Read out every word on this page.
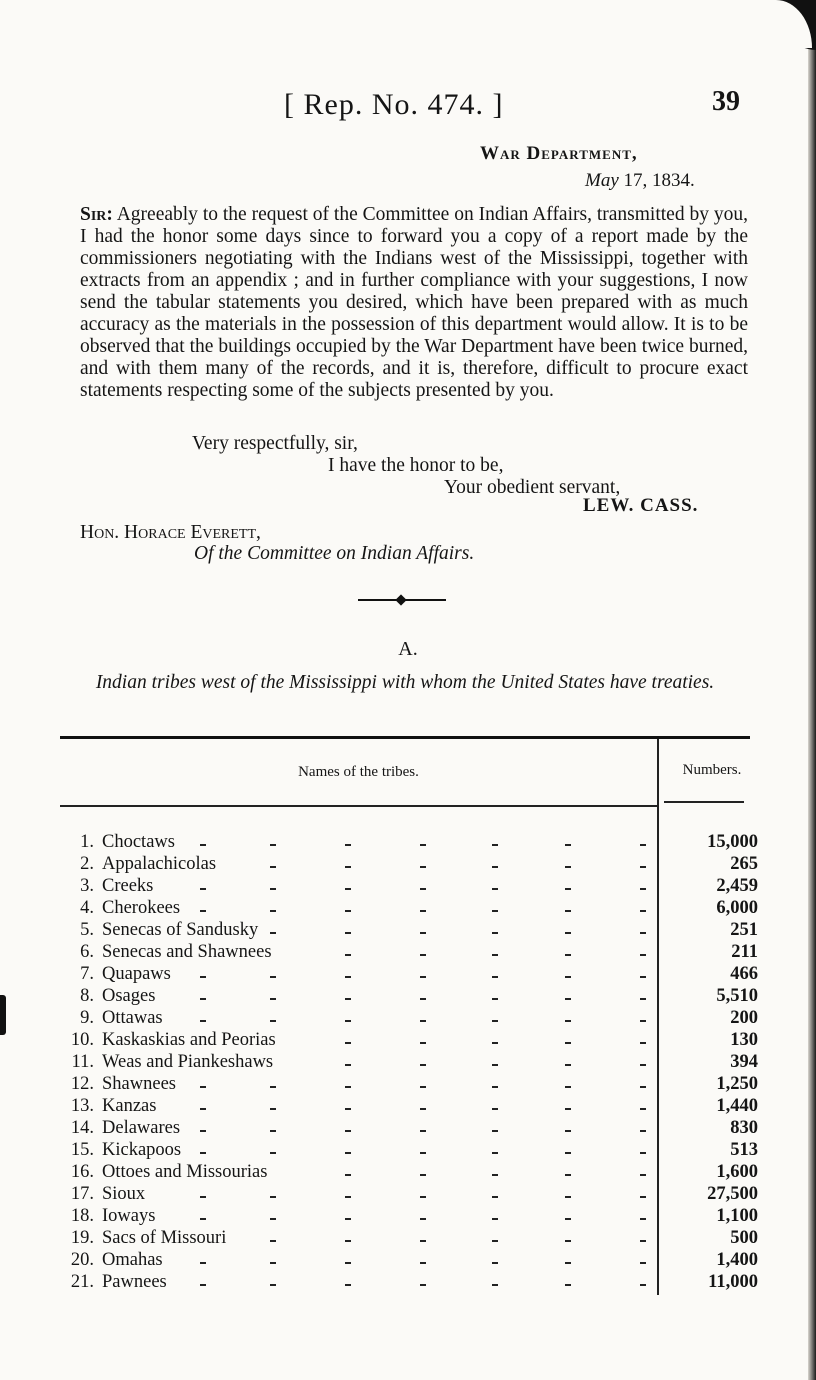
[ Rep. No. 474. ]	39
War Department,
May 17, 1834.
Sir: Agreeably to the request of the Committee on Indian Affairs, transmitted by you, I had the honor some days since to forward you a copy of a report made by the commissioners negotiating with the Indians west of the Mississippi, together with extracts from an appendix ; and in further compliance with your suggestions, I now send the tabular statements you desired, which have been prepared with as much accuracy as the materials in the possession of this department would allow. It is to be observed that the buildings occupied by the War Department have been twice burned, and with them many of the records, and it is, therefore, difficult to procure exact statements respecting some of the subjects presented by you.
Very respectfully, sir,
I have the honor to be,
Your obedient servant,
LEW. CASS.
Hon. Horace Everett,
Of the Committee on Indian Affairs.
A.
Indian tribes west of the Mississippi with whom the United States have treaties.
Names of the tribes.	Numbers.
1. Choctaws	15,000
2. Appalachicolas	265
3. Creeks	2,459
4. Cherokees	6,000
5. Senecas of Sandusky	251
6. Senecas and Shawnees	211
7. Quapaws	466
8. Osages	5,510
9. Ottawas	200
10. Kaskaskias and Peorias	130
11. Weas and Piankeshaws	394
12. Shawnees	1,250
13. Kanzas	1,440
14. Delawares	830
15. Kickapoos	513
16. Ottoes and Missourias	1,600
17. Sioux	27,500
18. Ioways	1,100
19. Sacs of Missouri	500
20. Omahas	1,400
21. Pawnees	11,000
